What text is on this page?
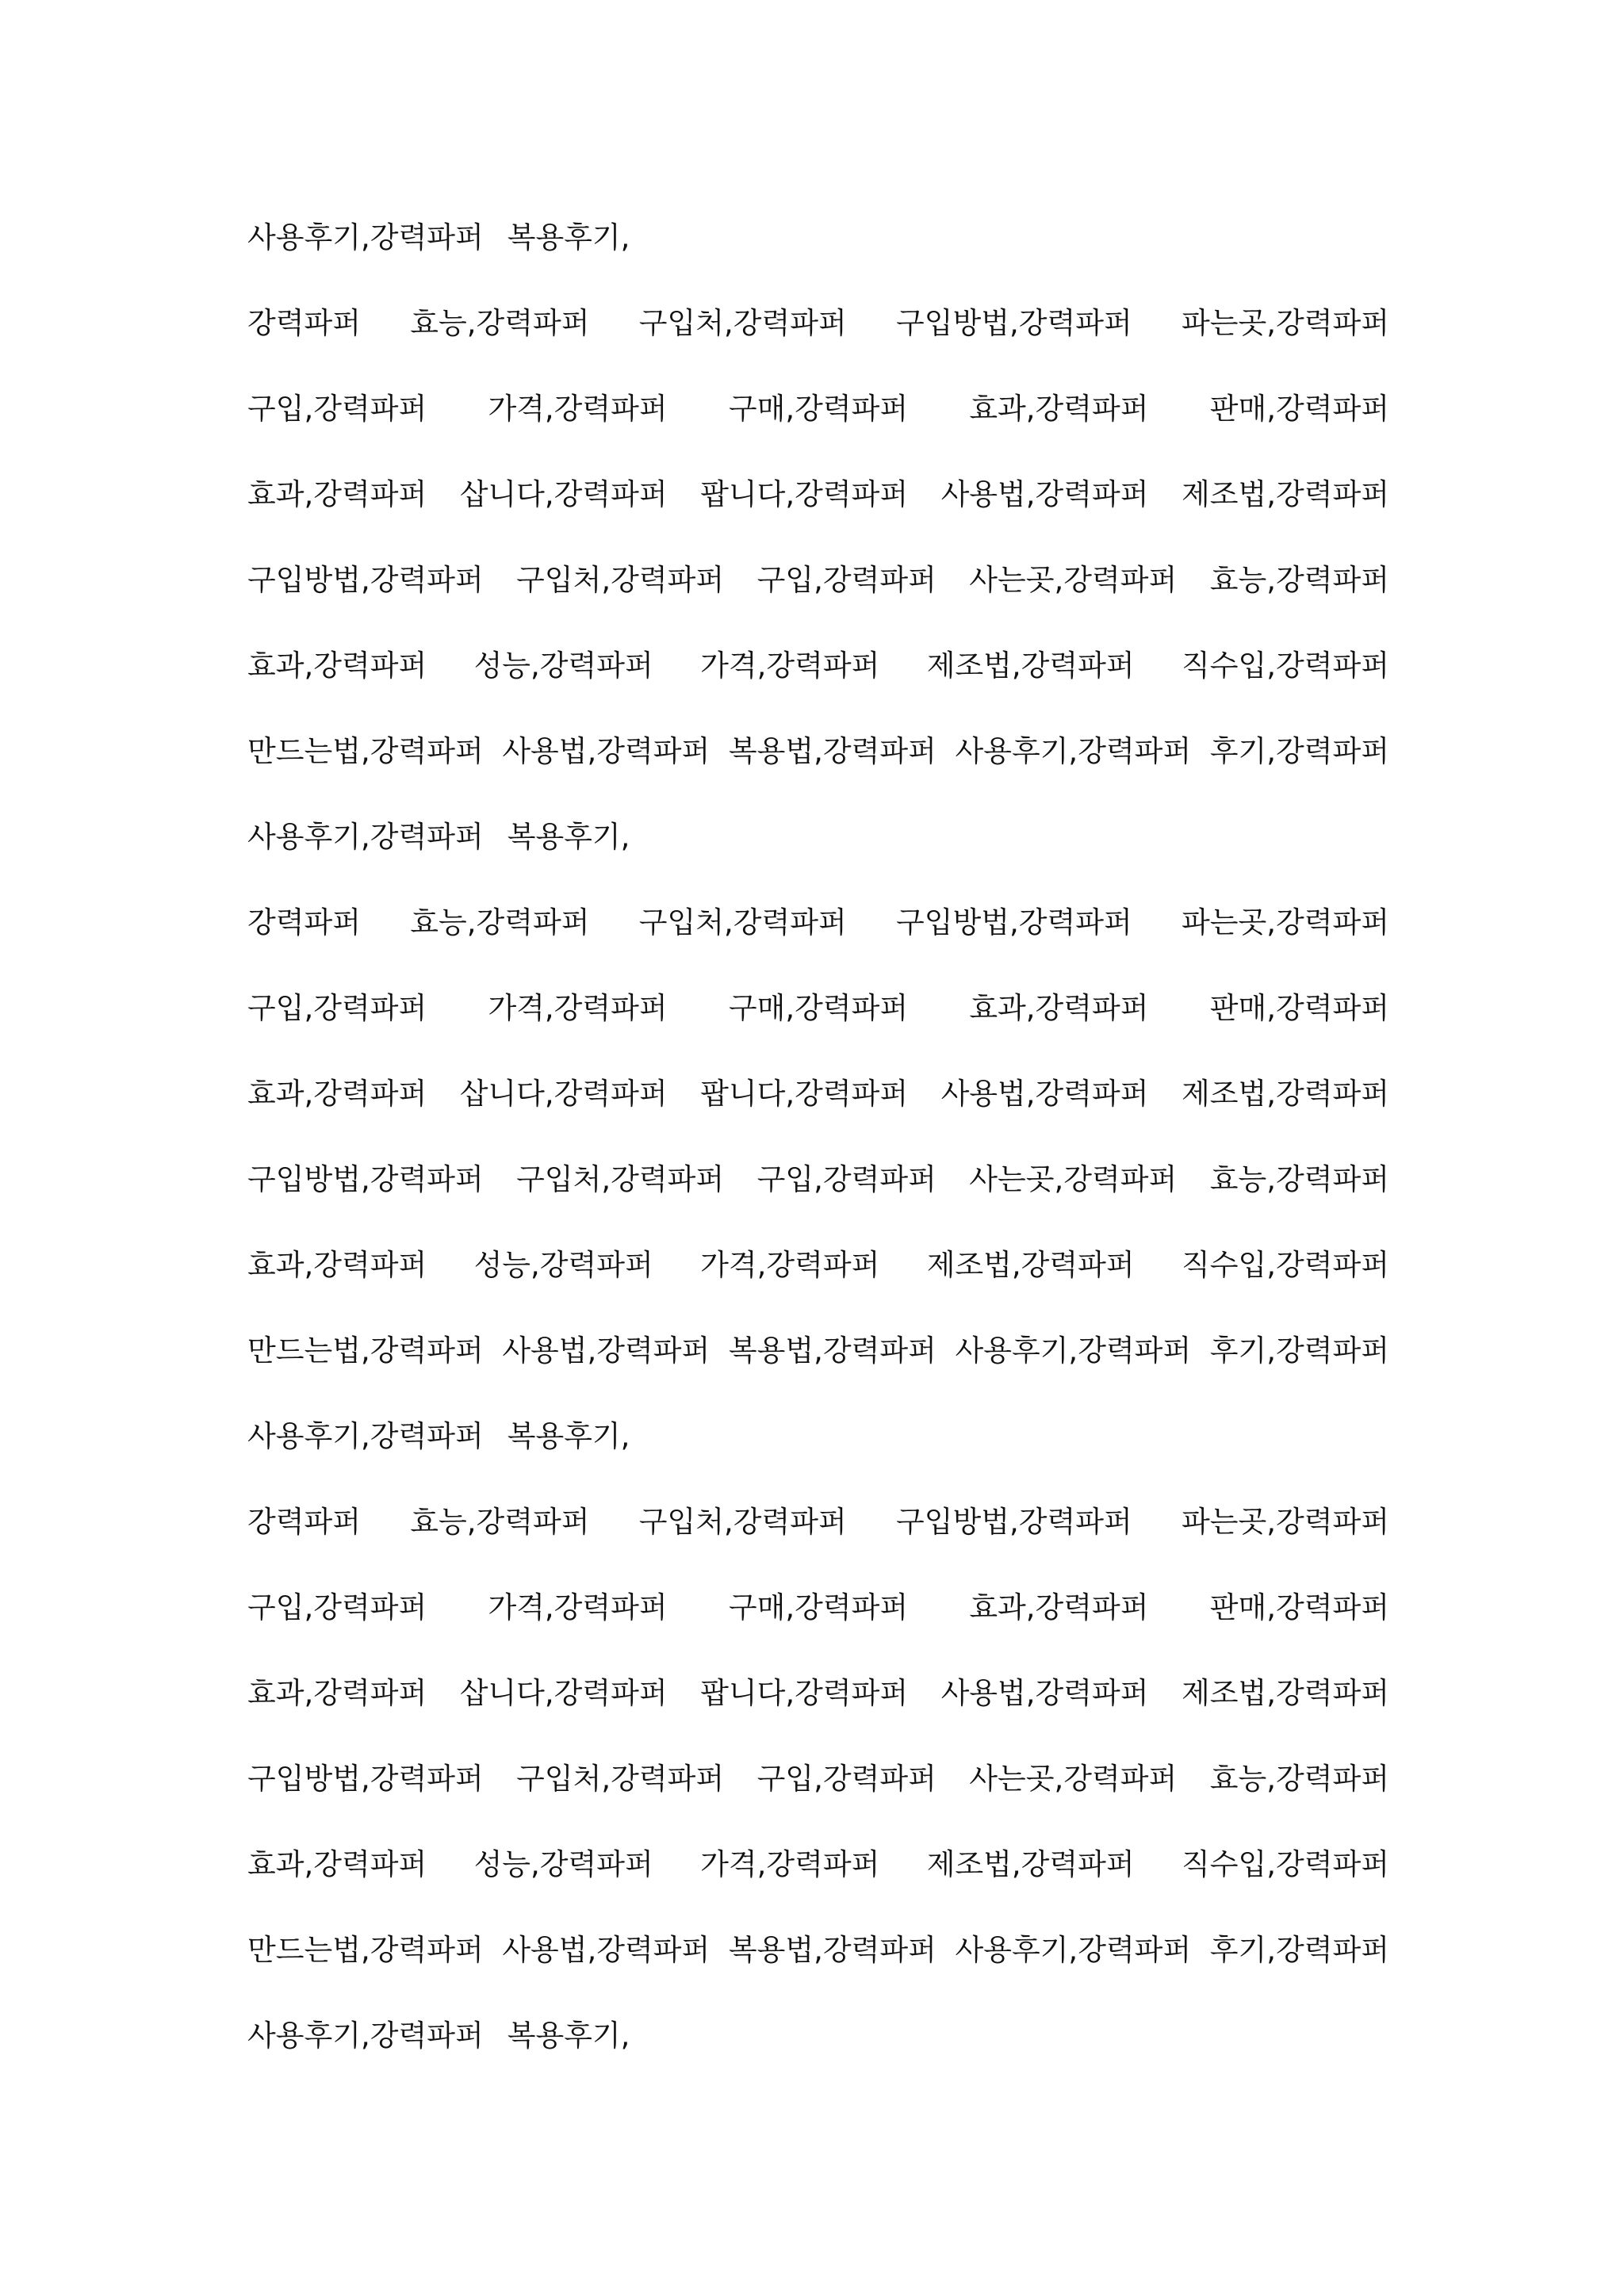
사용후기,강력파퍼 복용후기,
강력파퍼 효능,강력파퍼 구입처,강력파퍼 구입방법,강력파퍼 파는곳,강력파퍼
구입,강력파퍼 가격,강력파퍼 구매,강력파퍼 효과,강력파퍼 판매,강력파퍼
효과,강력파퍼 삽니다,강력파퍼 팝니다,강력파퍼 사용법,강력파퍼 제조법,강력파퍼
구입방법,강력파퍼 구입처,강력파퍼 구입,강력파퍼 사는곳,강력파퍼 효능,강력파퍼
효과,강력파퍼 성능,강력파퍼 가격,강력파퍼 제조법,강력파퍼 직수입,강력파퍼
만드는법,강력파퍼 사용법,강력파퍼 복용법,강력파퍼 사용후기,강력파퍼 후기,강력파퍼
사용후기,강력파퍼 복용후기,
강력파퍼 효능,강력파퍼 구입처,강력파퍼 구입방법,강력파퍼 파는곳,강력파퍼
구입,강력파퍼 가격,강력파퍼 구매,강력파퍼 효과,강력파퍼 판매,강력파퍼
효과,강력파퍼 삽니다,강력파퍼 팝니다,강력파퍼 사용법,강력파퍼 제조법,강력파퍼
구입방법,강력파퍼 구입처,강력파퍼 구입,강력파퍼 사는곳,강력파퍼 효능,강력파퍼
효과,강력파퍼 성능,강력파퍼 가격,강력파퍼 제조법,강력파퍼 직수입,강력파퍼
만드는법,강력파퍼 사용법,강력파퍼 복용법,강력파퍼 사용후기,강력파퍼 후기,강력파퍼
사용후기,강력파퍼 복용후기,
강력파퍼 효능,강력파퍼 구입처,강력파퍼 구입방법,강력파퍼 파는곳,강력파퍼
구입,강력파퍼 가격,강력파퍼 구매,강력파퍼 효과,강력파퍼 판매,강력파퍼
효과,강력파퍼 삽니다,강력파퍼 팝니다,강력파퍼 사용법,강력파퍼 제조법,강력파퍼
구입방법,강력파퍼 구입처,강력파퍼 구입,강력파퍼 사는곳,강력파퍼 효능,강력파퍼
효과,강력파퍼 성능,강력파퍼 가격,강력파퍼 제조법,강력파퍼 직수입,강력파퍼
만드는법,강력파퍼 사용법,강력파퍼 복용법,강력파퍼 사용후기,강력파퍼 후기,강력파퍼
사용후기,강력파퍼 복용후기,
